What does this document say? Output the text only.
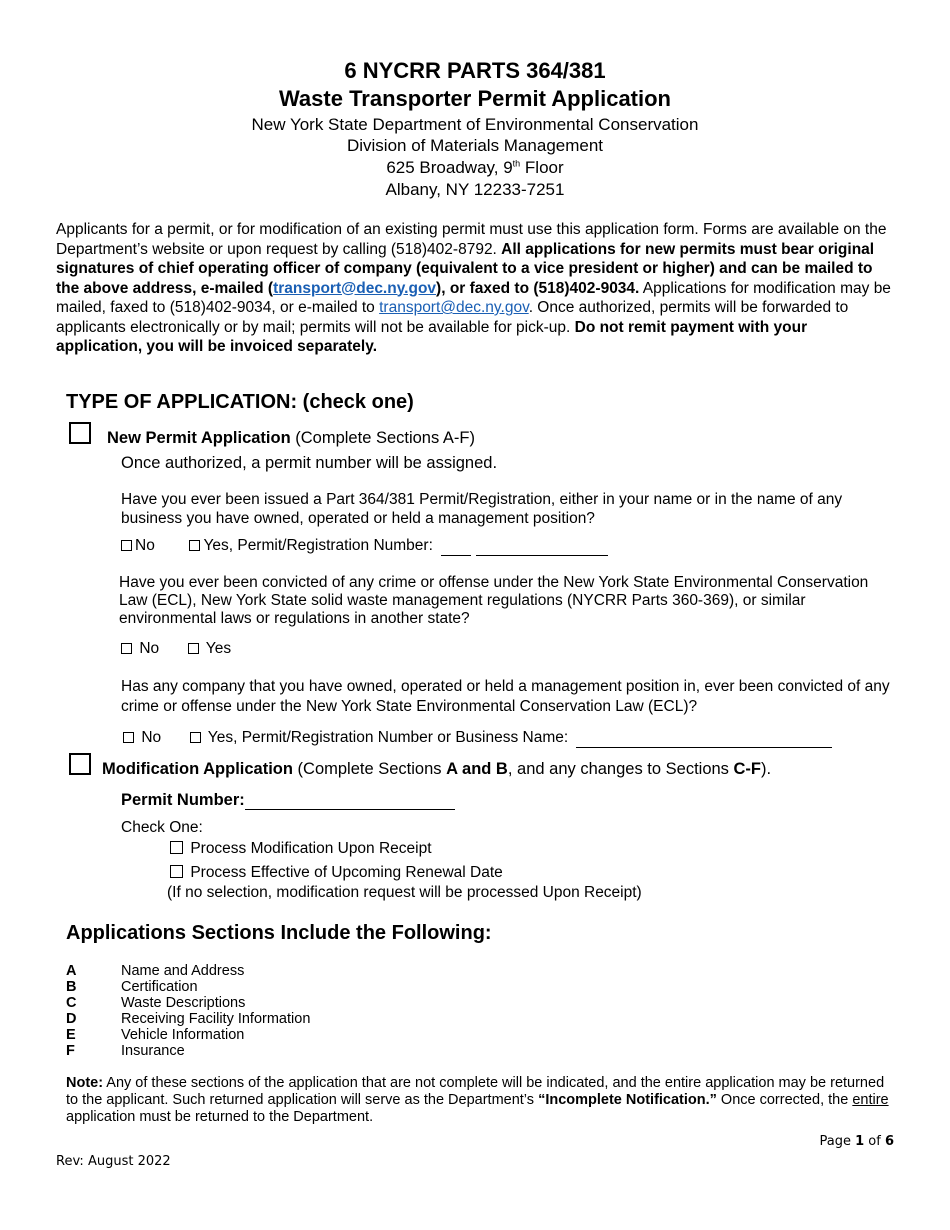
6 NYCRR PARTS 364/381
Waste Transporter Permit Application
New York State Department of Environmental Conservation
Division of Materials Management
625 Broadway, 9th Floor
Albany, NY 12233-7251
Applicants for a permit, or for modification of an existing permit must use this application form. Forms are available on the Department’s website or upon request by calling (518)402-8792. All applications for new permits must bear original signatures of chief operating officer of company (equivalent to a vice president or higher) and can be mailed to the above address, e-mailed (transport@dec.ny.gov), or faxed to (518)402-9034. Applications for modification may be mailed, faxed to (518)402-9034, or e-mailed to transport@dec.ny.gov. Once authorized, permits will be forwarded to applicants electronically or by mail; permits will not be available for pick-up. Do not remit payment with your application, you will be invoiced separately.
TYPE OF APPLICATION: (check one)
New Permit Application (Complete Sections A-F)
Once authorized, a permit number will be assigned.
Have you ever been issued a Part 364/381 Permit/Registration, either in your name or in the name of any business you have owned, operated or held a management position?
No	Yes, Permit/Registration Number:
Have you ever been convicted of any crime or offense under the New York State Environmental Conservation Law (ECL), New York State solid waste management regulations (NYCRR Parts 360-369), or similar environmental laws or regulations in another state?
No	Yes
Has any company that you have owned, operated or held a management position in, ever been convicted of any crime or offense under the New York State Environmental Conservation Law (ECL)?
No	Yes, Permit/Registration Number or Business Name:
Modification Application (Complete Sections A and B, and any changes to Sections C-F).
Permit Number:
Check One:
Process Modification Upon Receipt
Process Effective of Upcoming Renewal Date
(If no selection, modification request will be processed Upon Receipt)
Applications Sections Include the Following:
A	Name and Address
B	Certification
C	Waste Descriptions
D	Receiving Facility Information
E	Vehicle Information
F	Insurance
Note: Any of these sections of the application that are not complete will be indicated, and the entire application may be returned to the applicant. Such returned application will serve as the Department’s “Incomplete Notification.” Once corrected, the entire application must be returned to the Department.
Page 1 of 6
Rev: August 2022
